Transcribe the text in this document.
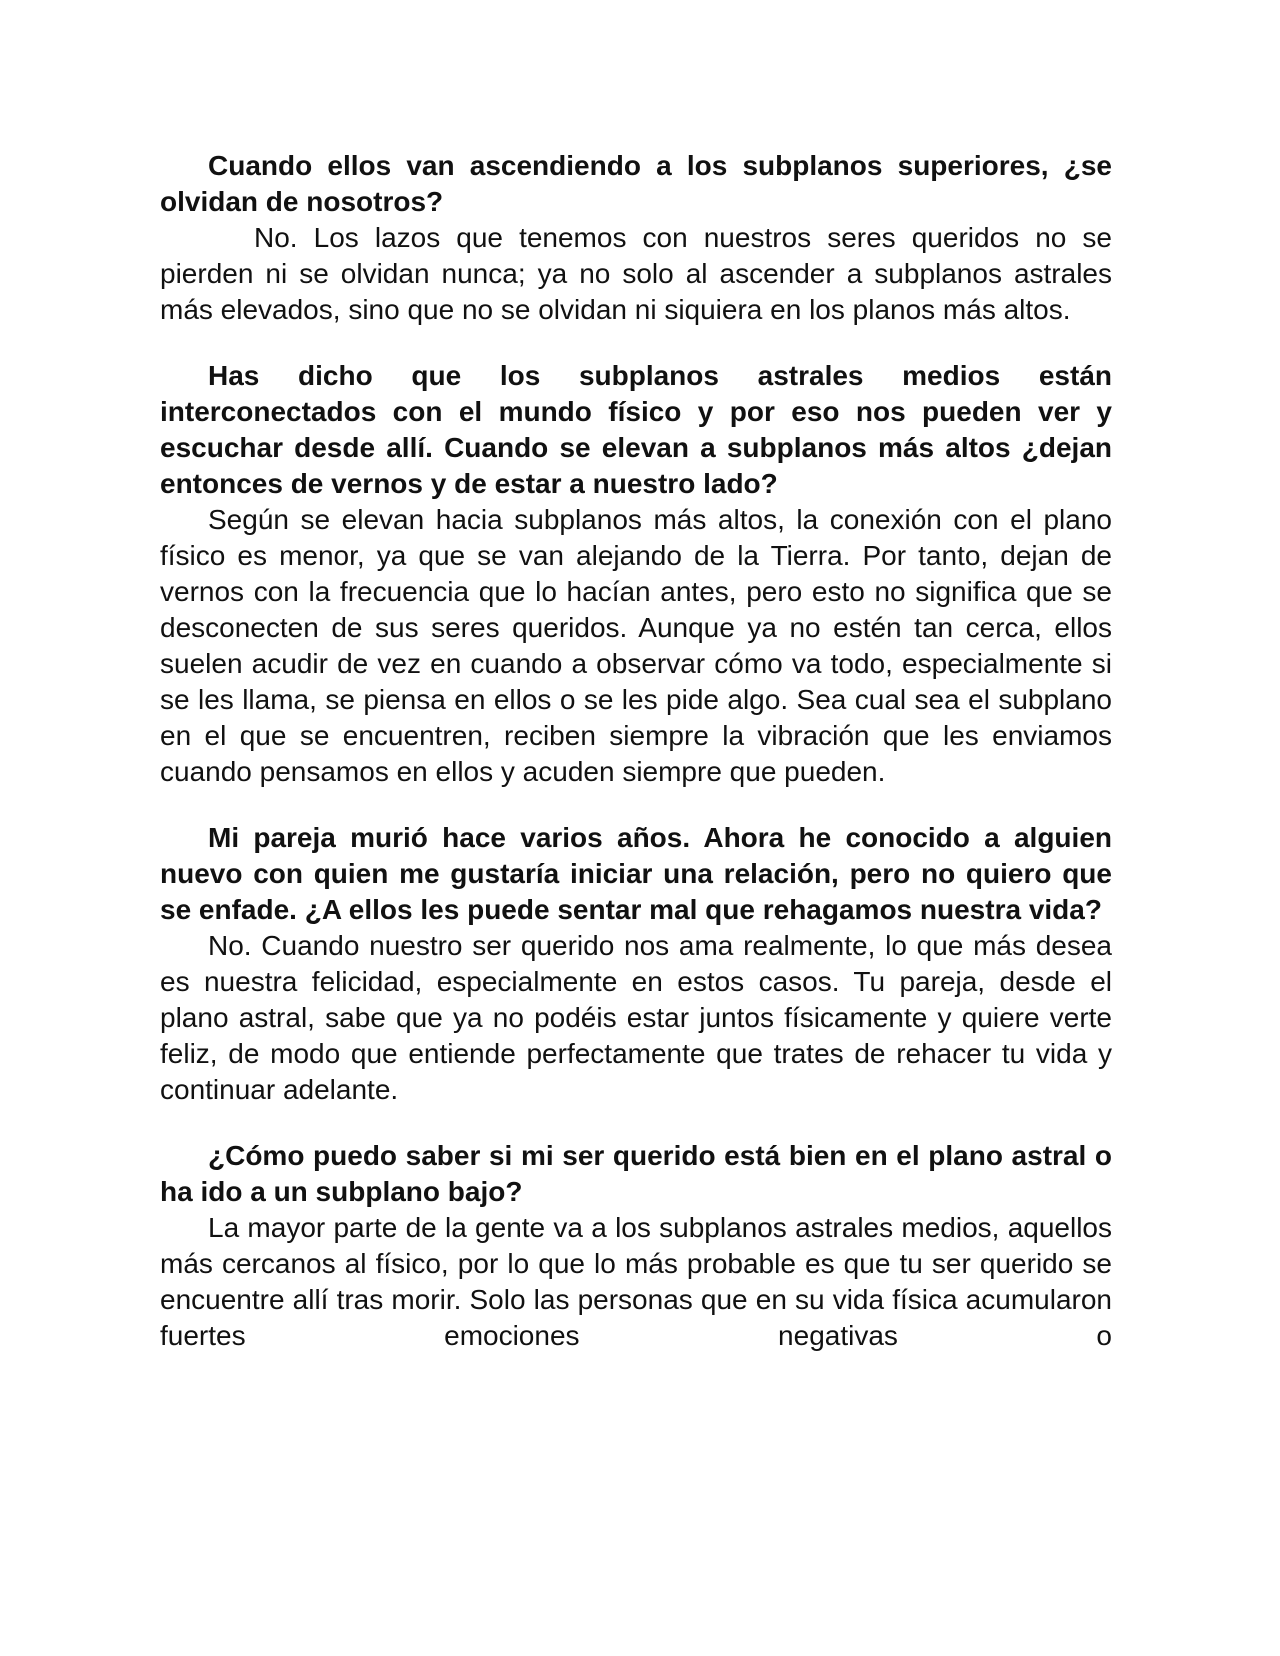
Cuando ellos van ascendiendo a los subplanos superiores, ¿se olvidan de nosotros?

No. Los lazos que tenemos con nuestros seres queridos no se pierden ni se olvidan nunca; ya no solo al ascender a subplanos astrales más elevados, sino que no se olvidan ni siquiera en los planos más altos.

Has dicho que los subplanos astrales medios están interconectados con el mundo físico y por eso nos pueden ver y escuchar desde allí. Cuando se elevan a subplanos más altos ¿dejan entonces de vernos y de estar a nuestro lado?

Según se elevan hacia subplanos más altos, la conexión con el plano físico es menor, ya que se van alejando de la Tierra. Por tanto, dejan de vernos con la frecuencia que lo hacían antes, pero esto no significa que se desconecten de sus seres queridos. Aunque ya no estén tan cerca, ellos suelen acudir de vez en cuando a observar cómo va todo, especialmente si se les llama, se piensa en ellos o se les pide algo. Sea cual sea el subplano en el que se encuentren, reciben siempre la vibración que les enviamos cuando pensamos en ellos y acuden siempre que pueden.

Mi pareja murió hace varios años. Ahora he conocido a alguien nuevo con quien me gustaría iniciar una relación, pero no quiero que se enfade. ¿A ellos les puede sentar mal que rehagamos nuestra vida?

No. Cuando nuestro ser querido nos ama realmente, lo que más desea es nuestra felicidad, especialmente en estos casos. Tu pareja, desde el plano astral, sabe que ya no podéis estar juntos físicamente y quiere verte feliz, de modo que entiende perfectamente que trates de rehacer tu vida y continuar adelante.

¿Cómo puedo saber si mi ser querido está bien en el plano astral o ha ido a un subplano bajo?

La mayor parte de la gente va a los subplanos astrales medios, aquellos más cercanos al físico, por lo que lo más probable es que tu ser querido se encuentre allí tras morir. Solo las personas que en su vida física acumularon fuertes emociones negativas o
